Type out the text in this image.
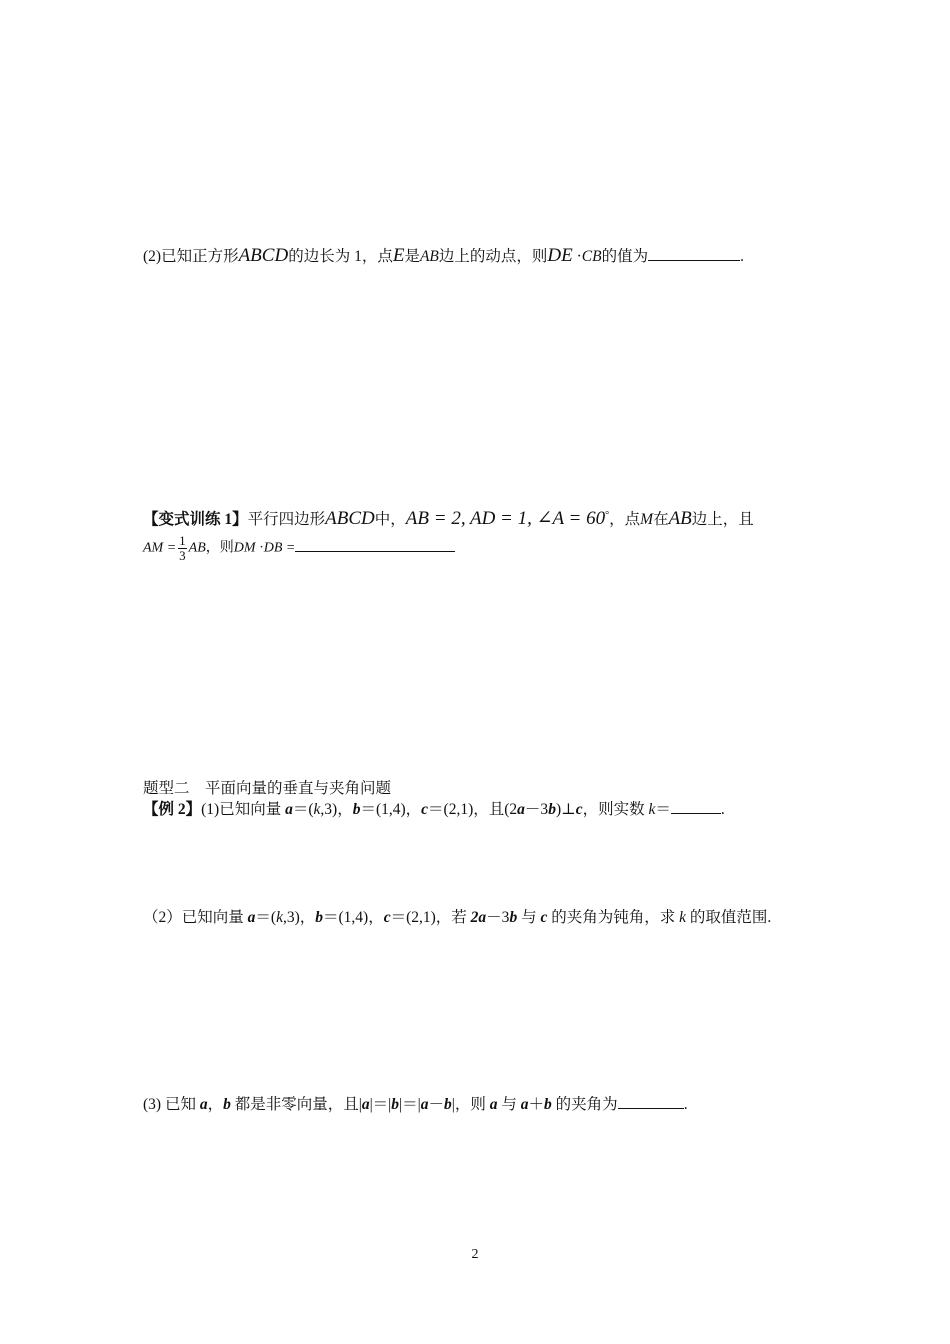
(2)已知正方形ABCD的边长为 1，点E是AB边上的动点，则DE ·CB的值为	.
【变式训练 1】平行四边形ABCD中，AB = 2, AD = 1, ∠A = 60°，点M在AB边上，且
AM = $\frac{1}{3}$ AB，则DM ·DB =
题型二　平面向量的垂直与夹角问题
【例 2】(1)已知向量 a＝(k,3)，b＝(1,4)，c＝(2,1)，且(2a－3b)⊥c，则实数 k＝	.
（2）已知向量 a＝(k,3)，b＝(1,4)，c＝(2,1)，若 2a－3b 与 c 的夹角为钝角，求 k 的取值范围.
(3) 已知 a，b 都是非零向量，且|a|＝|b|＝|a－b|，则 a 与 a＋b 的夹角为	.
2
